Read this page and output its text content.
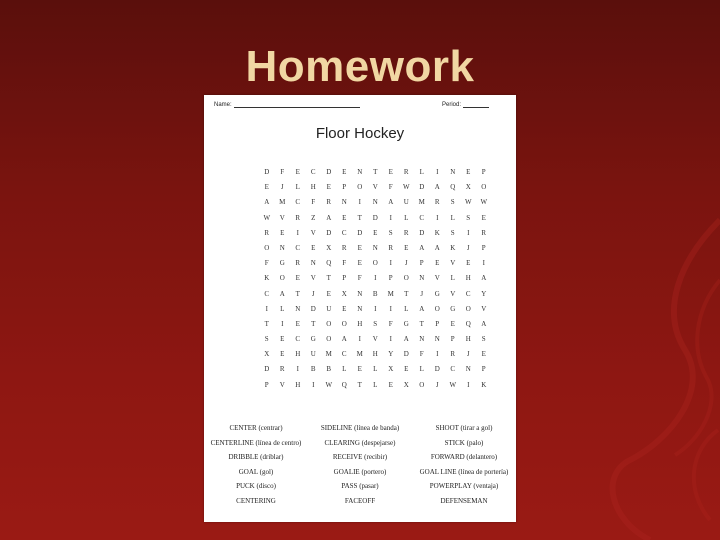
Homework
Name:	Period:
Floor Hockey
D	F	E	C	D	E	N	T	E	R	L	I	N	E	P
E	J	L	H	E	P	O	V	F	W	D	A	Q	X	O
A	M	C	F	R	N	I	N	A	U	M	R	S	W	W
W	V	R	Z	A	E	T	D	I	L	C	I	L	S	E
R	E	I	V	D	C	D	E	S	R	D	K	S	I	R
O	N	C	E	X	R	E	N	R	E	A	A	K	J	P
F	G	R	N	Q	F	E	O	I	J	P	E	V	E	I
K	O	E	V	T	P	F	I	P	O	N	V	L	H	A
C	A	T	J	E	X	N	B	M	T	J	G	V	C	Y
I	L	N	D	U	E	N	I	I	L	A	O	G	O	V
T	I	E	T	O	O	H	S	F	G	T	P	E	Q	A
S	E	C	G	O	A	I	V	I	A	N	N	P	H	S
X	E	H	U	M	C	M	H	Y	D	F	I	R	J	E
D	R	I	B	B	L	E	L	X	E	L	D	C	N	P
P	V	H	I	W	Q	T	L	E	X	O	J	W	I	K
CENTER (centrar)	SIDELINE (línea de banda)	SHOOT (tirar a gol)
CENTERLINE (línea de centro)	CLEARING (despejarse)	STICK (palo)
DRIBBLE (driblar)	RECEIVE (recibir)	FORWARD (delantero)
GOAL (gol)	GOALIE (portero)	GOAL LINE (línea de portería)
PUCK (disco)	PASS (pasar)	POWERPLAY (ventaja)
CENTERING	FACEOFF	DEFENSEMAN
